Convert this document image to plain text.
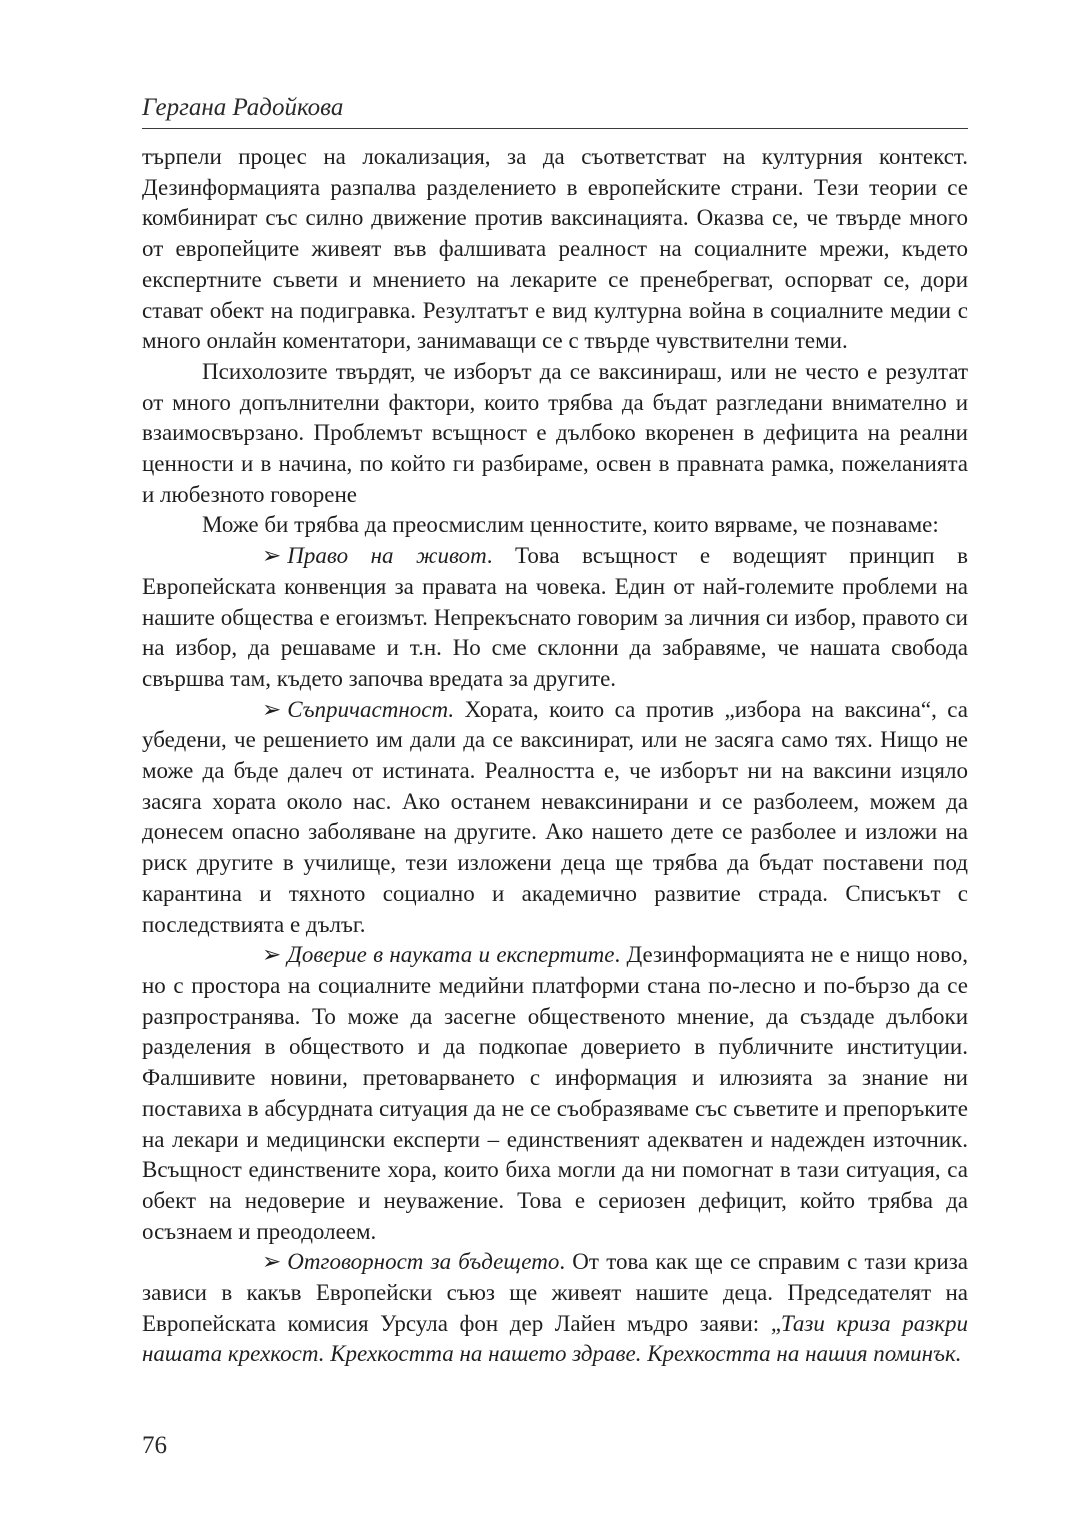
Гергана Радойкова

търпели процес на локализация, за да съответстват на културния контекст. Дезинформацията разпалва разделението в европейските страни. Тези теории се комбинират със силно движение против ваксинацията. Оказва се, че твърде много от европейците живеят във фалшивата реалност на социалните мрежи, където експертните съвети и мнението на лекарите се пренебрегват, оспорват се, дори стават обект на подигравка. Резултатът е вид културна война в социалните медии с много онлайн коментатори, занимаващи се с твърде чувствителни теми.

Психолозите твърдят, че изборът да се ваксинираш, или не често е резултат от много допълнителни фактори, които трябва да бъдат разгледани внимателно и взаимосвързано. Проблемът всъщност е дълбоко вкоренен в дефицита на реални ценности и в начина, по който ги разбираме, освен в правната рамка, пожеланията и любезното говорене

Може би трябва да преосмислим ценностите, които вярваме, че познаваме:

➢ Право на живот. Това всъщност е водещият принцип в Европейската конвенция за правата на човека. Един от най-големите проблеми на нашите общества е егоизмът. Непрекъснато говорим за личния си избор, правото си на избор, да решаваме и т.н. Но сме склонни да забравяме, че нашата свобода свършва там, където започва вредата за другите.

➢ Съпричастност. Хората, които са против „избора на ваксина“, са убедени, че решението им дали да се ваксинират, или не засяга само тях. Нищо не може да бъде далеч от истината. Реалността е, че изборът ни на ваксини изцяло засяга хората около нас. Ако останем неваксинирани и се разболеем, можем да донесем опасно заболяване на другите. Ако нашето дете се разболее и изложи на риск другите в училище, тези изложени деца ще трябва да бъдат поставени под карантина и тяхното социално и академично развитие страда. Списъкът с последствията е дълъг.

➢ Доверие в науката и експертите. Дезинформацията не е нищо ново, но с простора на социалните медийни платформи стана по-лесно и по-бързо да се разпространява. То може да засегне общественото мнение, да създаде дълбоки разделения в обществото и да подкопае доверието в публичните институции. Фалшивите новини, претоварването с информация и илюзията за знание ни поставиха в абсурдната ситуация да не се съобразяваме със съветите и препоръките на лекари и медицински експерти – единственият адекватен и надежден източник. Всъщност единствените хора, които биха могли да ни помогнат в тази ситуация, са обект на недоверие и неуважение. Това е сериозен дефицит, който трябва да осъзнаем и преодолеем.

➢ Отговорност за бъдещето. От това как ще се справим с тази криза зависи в какъв Европейски съюз ще живеят нашите деца. Председателят на Европейската комисия Урсула фон дер Лайен мъдро заяви: „Тази криза разкри нашата крехкост. Крехкостта на нашето здраве. Крехкостта на нашия поминък.

76
